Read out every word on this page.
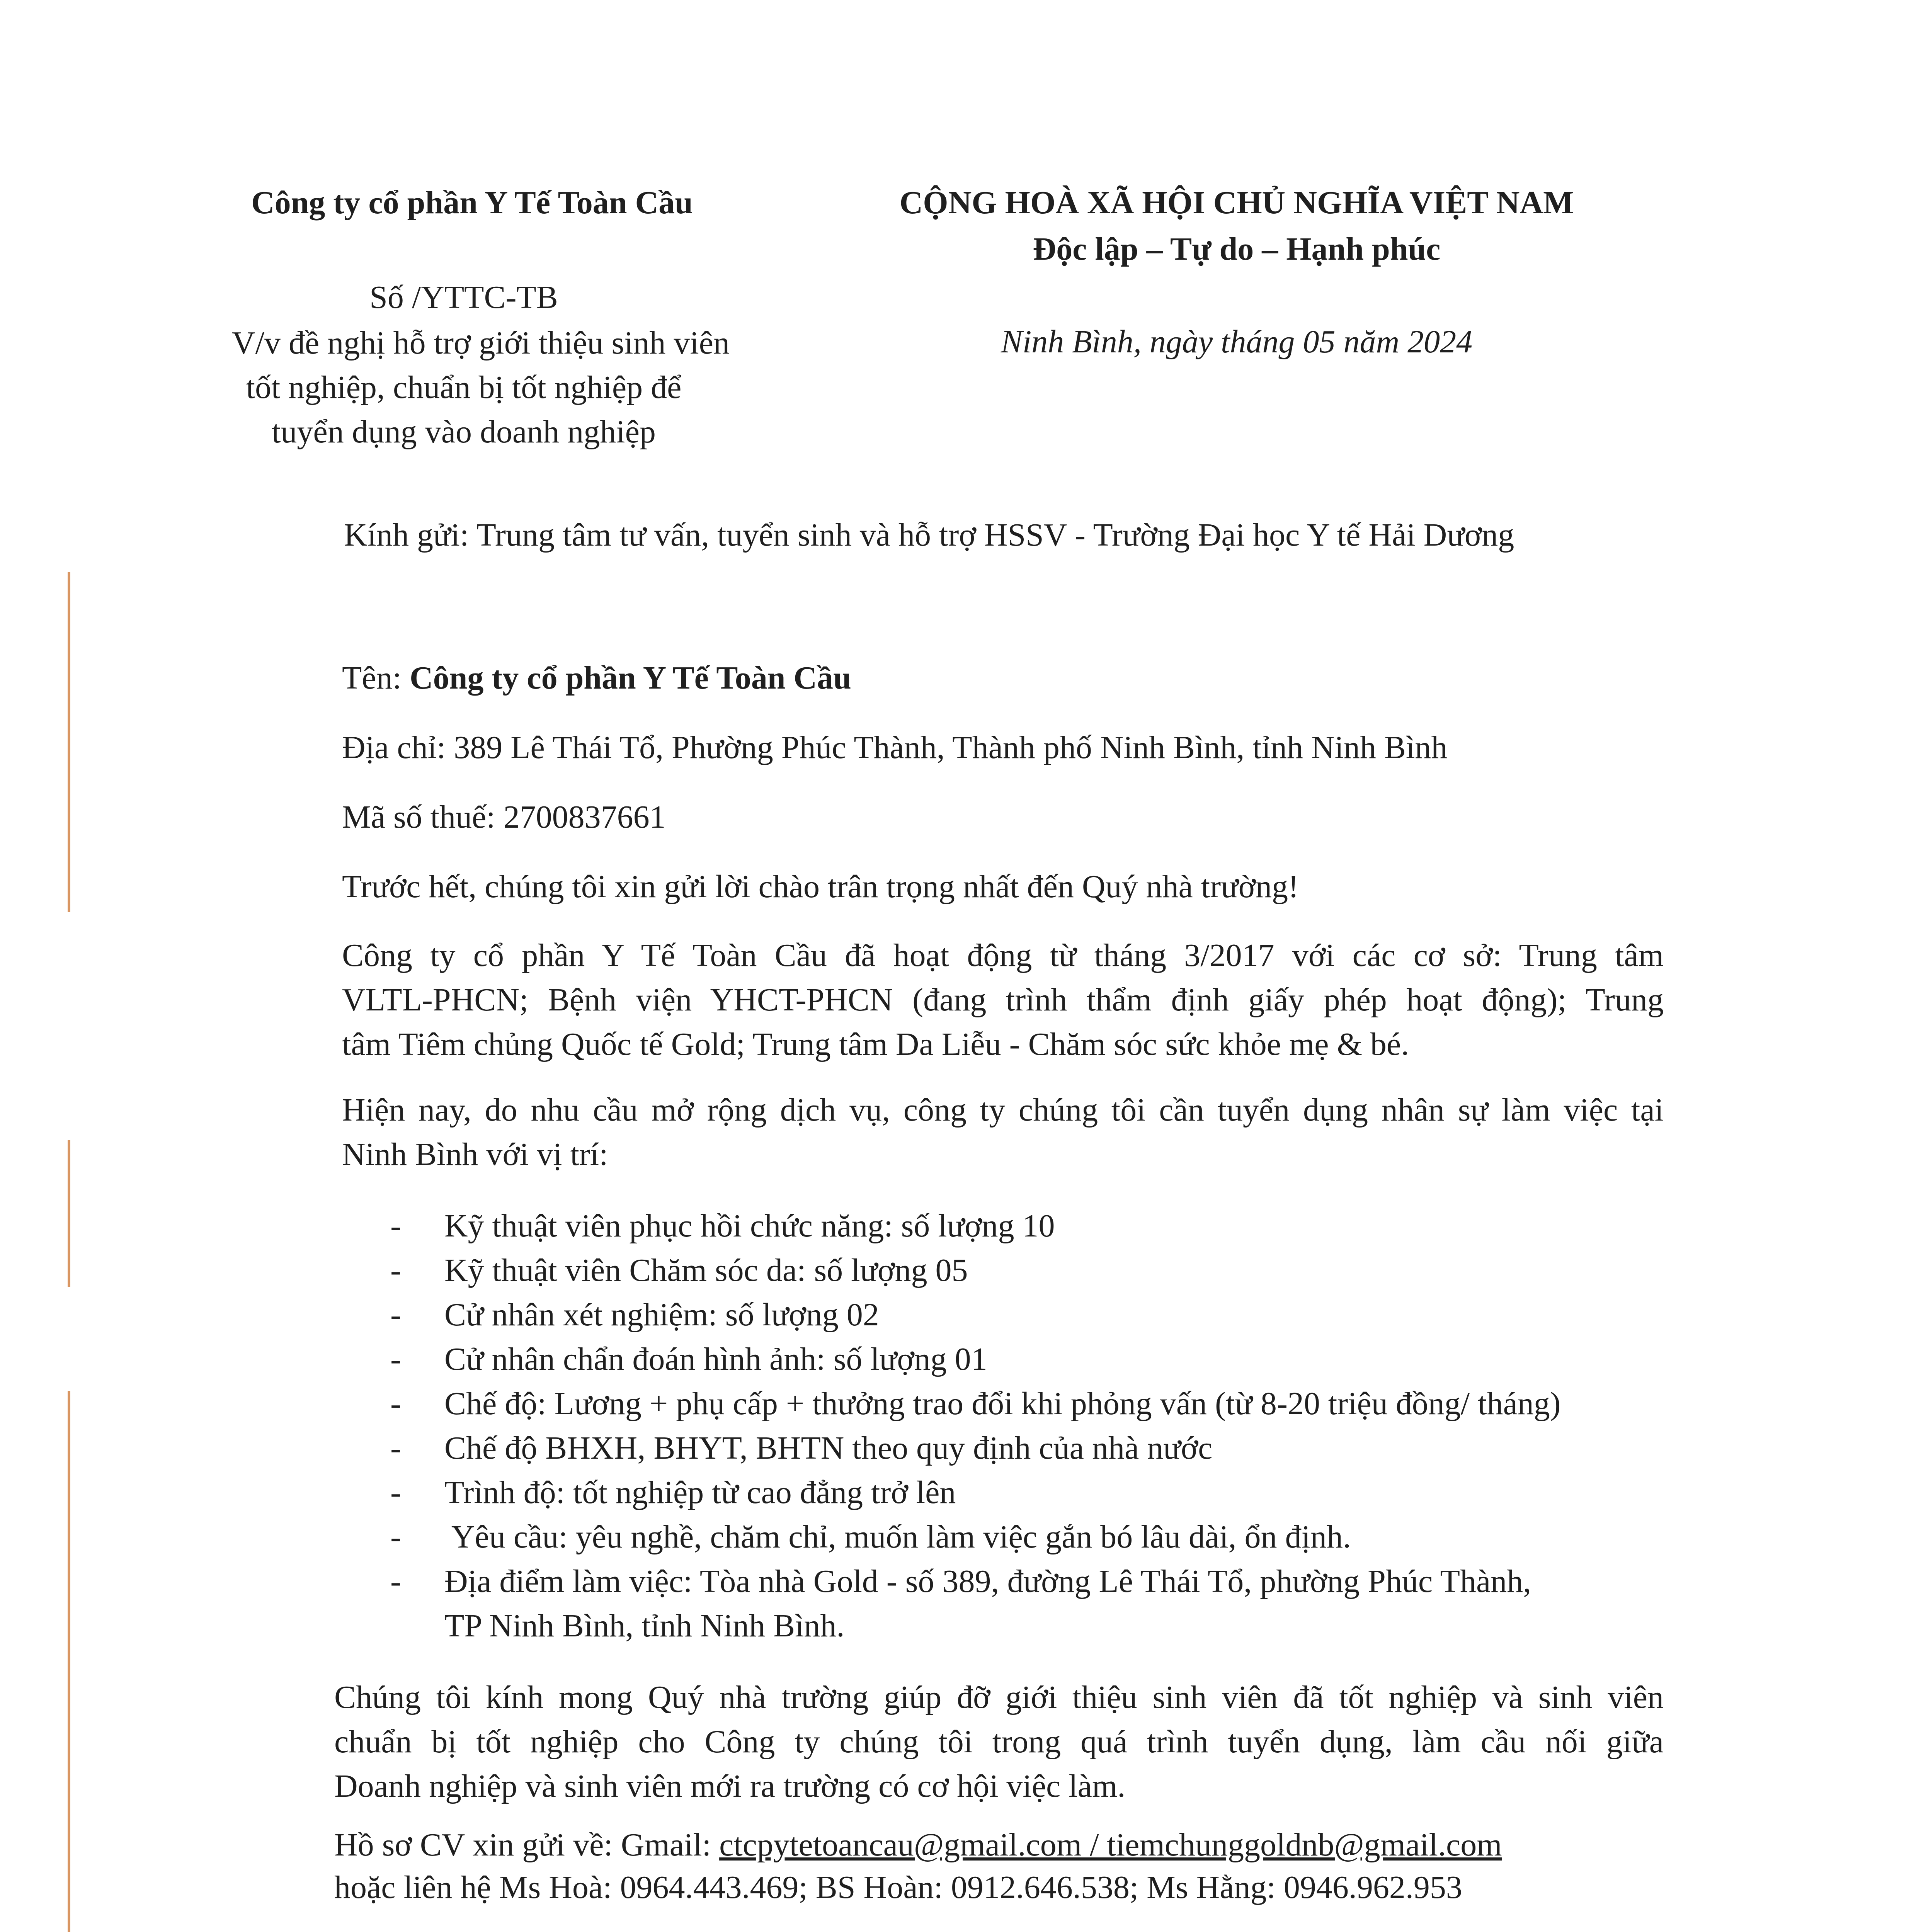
Công ty cổ phần Y Tế Toàn Cầu
Số /YTTC-TB
V/v đề nghị hỗ trợ giới thiệu sinh viên
tốt nghiệp, chuẩn bị tốt nghiệp để
tuyển dụng vào doanh nghiệp
CỘNG HOÀ XÃ HỘI CHỦ NGHĨA VIỆT NAM
Độc lập – Tự do – Hạnh phúc
Ninh Bình, ngày tháng 05 năm 2024
Kính gửi: Trung tâm tư vấn, tuyển sinh và hỗ trợ HSSV - Trường Đại học Y tế Hải Dương
Tên: Công ty cổ phần Y Tế Toàn Cầu
Địa chỉ: 389 Lê Thái Tổ, Phường Phúc Thành, Thành phố Ninh Bình, tỉnh Ninh Bình
Mã số thuế: 2700837661
Trước hết, chúng tôi xin gửi lời chào trân trọng nhất đến Quý nhà trường!
Công ty cổ phần Y Tế Toàn Cầu đã hoạt động từ tháng 3/2017 với các cơ sở: Trung tâm
VLTL-PHCN; Bệnh viện YHCT-PHCN (đang trình thẩm định giấy phép hoạt động); Trung
tâm Tiêm chủng Quốc tế Gold; Trung tâm Da Liễu - Chăm sóc sức khỏe mẹ & bé.
Hiện nay, do nhu cầu mở rộng dịch vụ, công ty chúng tôi cần tuyển dụng nhân sự làm việc tại
Ninh Bình với vị trí:
-	Kỹ thuật viên phục hồi chức năng: số lượng 10
-	Kỹ thuật viên Chăm sóc da: số lượng 05
-	Cử nhân xét nghiệm: số lượng 02
-	Cử nhân chẩn đoán hình ảnh: số lượng 01
-	Chế độ: Lương + phụ cấp + thưởng trao đổi khi phỏng vấn (từ 8-20 triệu đồng/ tháng)
-	Chế độ BHXH, BHYT, BHTN theo quy định của nhà nước
-	Trình độ: tốt nghiệp từ cao đẳng trở lên
-	Yêu cầu: yêu nghề, chăm chỉ, muốn làm việc gắn bó lâu dài, ổn định.
-	Địa điểm làm việc: Tòa nhà Gold - số 389, đường Lê Thái Tổ, phường Phúc Thành,
TP Ninh Bình, tỉnh Ninh Bình.
Chúng tôi kính mong Quý nhà trường giúp đỡ giới thiệu sinh viên đã tốt nghiệp và sinh viên
chuẩn bị tốt nghiệp cho Công ty chúng tôi trong quá trình tuyển dụng, làm cầu nối giữa
Doanh nghiệp và sinh viên mới ra trường có cơ hội việc làm.
Hồ sơ CV xin gửi về: Gmail: ctcpytetoancau@gmail.com / tiemchunggoldnb@gmail.com
hoặc liên hệ Ms Hoà: 0964.443.469; BS Hoàn: 0912.646.538; Ms Hằng: 0946.962.953
